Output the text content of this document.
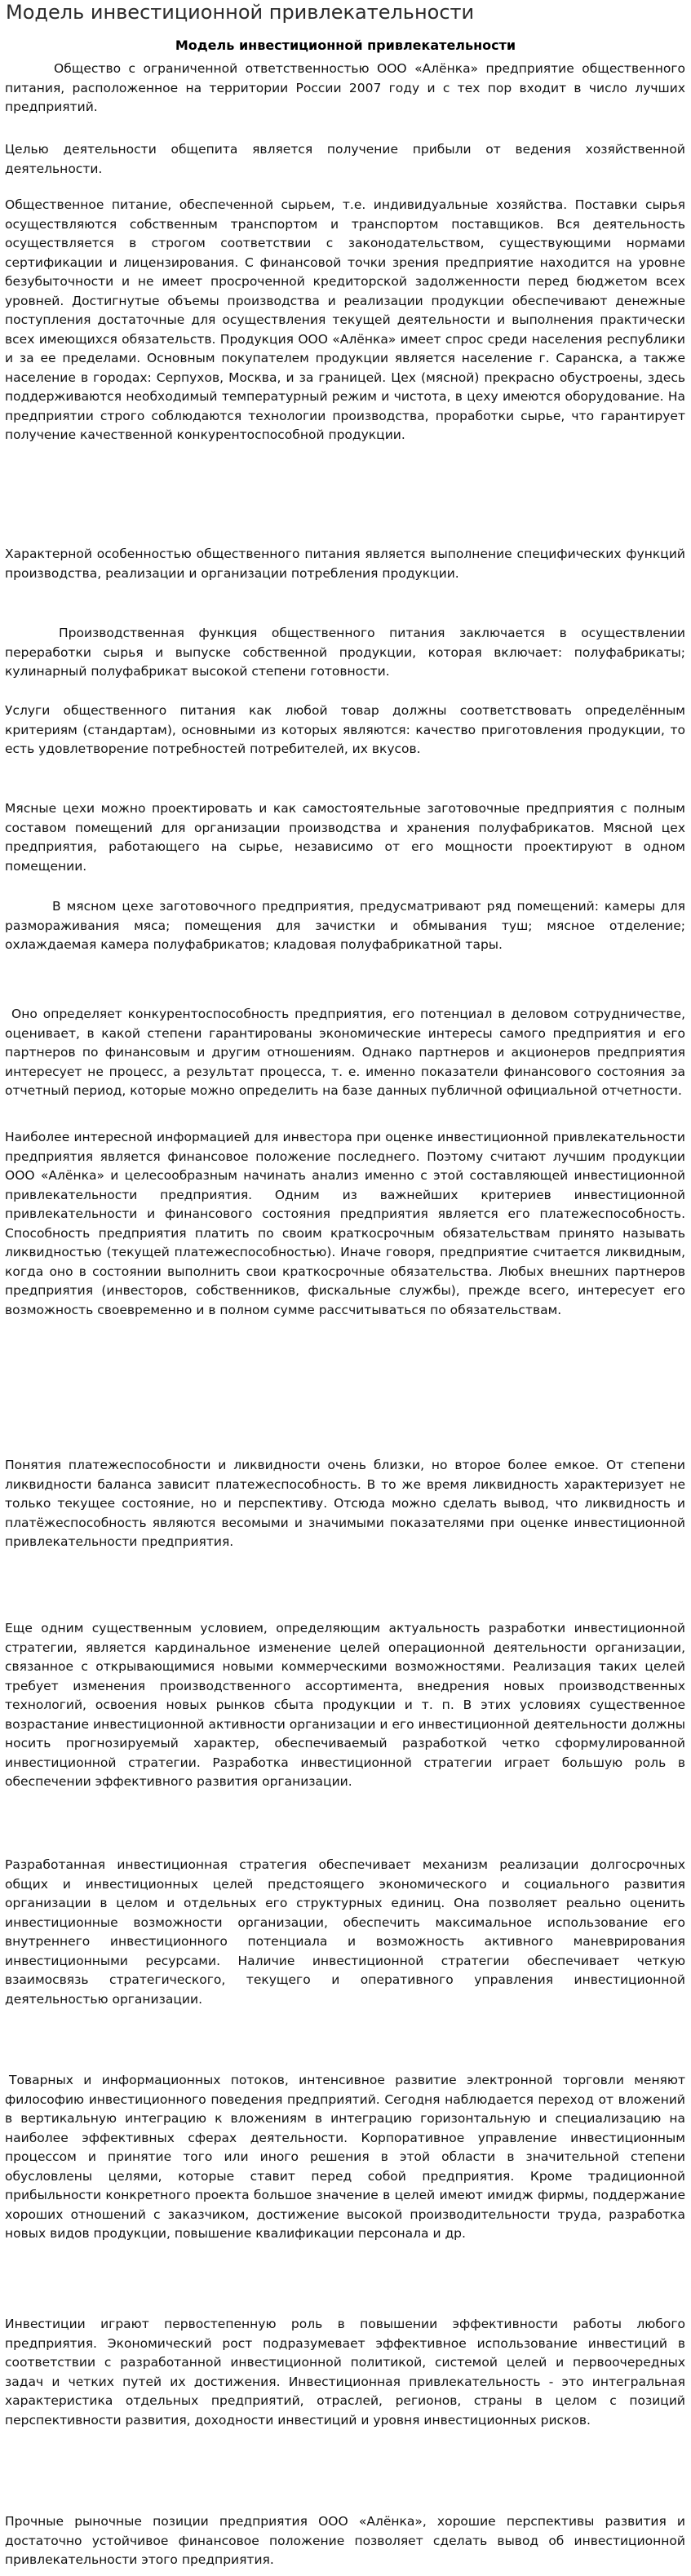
Модель инвестиционной привлекательности
Модель инвестиционной привлекательности

Общество с ограниченной ответственностью ООО «Алёнка» предприятие общественного питания, расположенное на территории России 2007 году и с тех пор входит в число лучших предприятий.

Целью деятельности общепита является получение прибыли от ведения хозяйственной деятельности.

Общественное питание, обеспеченной сырьем, т.е. индивидуальные хозяйства. Поставки сырья осуществляются собственным транспортом и транспортом поставщиков. Вся деятельность осуществляется в строгом соответствии с законодательством, существующими нормами сертификации и лицензирования. С финансовой точки зрения предприятие находится на уровне безубыточности и не имеет просроченной кредиторской задолженности перед бюджетом всех уровней. Достигнутые объемы производства и реализации продукции обеспечивают денежные поступления достаточные для осуществления текущей деятельности и выполнения практически всех имеющихся обязательств. Продукция ООО «Алёнка» имеет спрос среди населения республики и за ее пределами. Основным покупателем продукции является население г. Саранска, а также население в городах: Серпухов, Москва, и за границей. Цех (мясной) прекрасно обустроены, здесь поддерживаются необходимый температурный режим и чистота, в цеху имеются оборудование. На предприятии строго соблюдаются технологии производства, проработки сырье, что гарантирует получение качественной конкурентоспособной продукции.

Характерной особенностью общественного питания является выполнение специфических функций производства, реализации и организации потребления продукции.

Производственная функция общественного питания заключается в осуществлении переработки сырья и выпуске собственной продукции, которая включает: полуфабрикаты; кулинарный полуфабрикат высокой степени готовности.

Услуги общественного питания как любой товар должны соответствовать определённым критериям (стандартам), основными из которых являются: качество приготовления продукции, то есть удовлетворение потребностей потребителей, их вкусов.

Мясные цехи можно проектировать и как самостоятельные заготовочные предприятия с полным составом помещений для организации производства и хранения полуфабрикатов. Мясной цех предприятия, работающего на сырье, независимо от его мощности проектируют в одном помещении.

В мясном цехе заготовочного предприятия, предусматривают ряд помещений: камеры для размораживания мяса; помещения для зачистки и обмывания туш; мясное отделение; охлаждаемая камера полуфабрикатов; кладовая полуфабрикатной тары.

Оно определяет конкурентоспособность предприятия, его потенциал в деловом сотрудничестве, оценивает, в какой степени гарантированы экономические интересы самого предприятия и его партнеров по финансовым и другим отношениям. Однако партнеров и акционеров предприятия интересует не процесс, а результат процесса, т. е. именно показатели финансового состояния за отчетный период, которые можно определить на базе данных публичной официальной отчетности.

Наиболее интересной информацией для инвестора при оценке инвестиционной привлекательности предприятия является финансовое положение последнего. Поэтому считают лучшим продукции ООО «Алёнка» и целесообразным начинать анализ именно с этой составляющей инвестиционной привлекательности предприятия. Одним из важнейших критериев инвестиционной привлекательности и финансового состояния предприятия является его платежеспособность. Способность предприятия платить по своим краткосрочным обязательствам принято называть ликвидностью (текущей платежеспособностью). Иначе говоря, предприятие считается ликвидным, когда оно в состоянии выполнить свои краткосрочные обязательства. Любых внешних партнеров предприятия (инвесторов, собственников, фискальные службы), прежде всего, интересует его возможность своевременно и в полном сумме рассчитываться по обязательствам.

Понятия платежеспособности и ликвидности очень близки, но второе более емкое. От степени ликвидности баланса зависит платежеспособность. В то же время ликвидность характеризует не только текущее состояние, но и перспективу. Отсюда можно сделать вывод, что ликвидность и платёжеспособность являются весомыми и значимыми показателями при оценке инвестиционной привлекательности предприятия.

Еще одним существенным условием, определяющим актуальность разработки инвестиционной стратегии, является кардинальное изменение целей операционной деятельности организации, связанное с открывающимися новыми коммерческими возможностями. Реализация таких целей требует изменения производственного ассортимента, внедрения новых производственных технологий, освоения новых рынков сбыта продукции и т. п. В этих условиях существенное возрастание инвестиционной активности организации и его инвестиционной деятельности должны носить прогнозируемый характер, обеспечиваемый разработкой четко сформулированной инвестиционной стратегии. Разработка инвестиционной стратегии играет большую роль в обеспечении эффективного развития организации.

Разработанная инвестиционная стратегия обеспечивает механизм реализации долгосрочных общих и инвестиционных целей предстоящего экономического и социального развития организации в целом и отдельных его структурных единиц. Она позволяет реально оценить инвестиционные возможности организации, обеспечить максимальное использование его внутреннего инвестиционного потенциала и возможность активного маневрирования инвестиционными ресурсами. Наличие инвестиционной стратегии обеспечивает четкую взаимосвязь стратегического, текущего и оперативного управления инвестиционной деятельностью организации.

Товарных и информационных потоков, интенсивное развитие электронной торговли меняют философию инвестиционного поведения предприятий. Сегодня наблюдается переход от вложений в вертикальную интеграцию к вложениям в интеграцию горизонтальную и специализацию на наиболее эффективных сферах деятельности. Корпоративное управление инвестиционным процессом и принятие того или иного решения в этой области в значительной степени обусловлены целями, которые ставит перед собой предприятия. Кроме традиционной прибыльности конкретного проекта большое значение в целей имеют имидж фирмы, поддержание хороших отношений с заказчиком, достижение высокой производительности труда, разработка новых видов продукции, повышение квалификации персонала и др.

Инвестиции играют первостепенную роль в повышении эффективности работы любого предприятия. Экономический рост подразумевает эффективное использование инвестиций в соответствии с разработанной инвестиционной политикой, системой целей и первоочередных задач и четких путей их достижения. Инвестиционная привлекательность - это интегральная характеристика отдельных предприятий, отраслей, регионов, страны в целом с позиций перспективности развития, доходности инвестиций и уровня инвестиционных рисков.

Прочные рыночные позиции предприятия ООО «Алёнка», хорошие перспективы развития и достаточно устойчивое финансовое положение позволяет сделать вывод об инвестиционной привлекательности этого предприятия.
